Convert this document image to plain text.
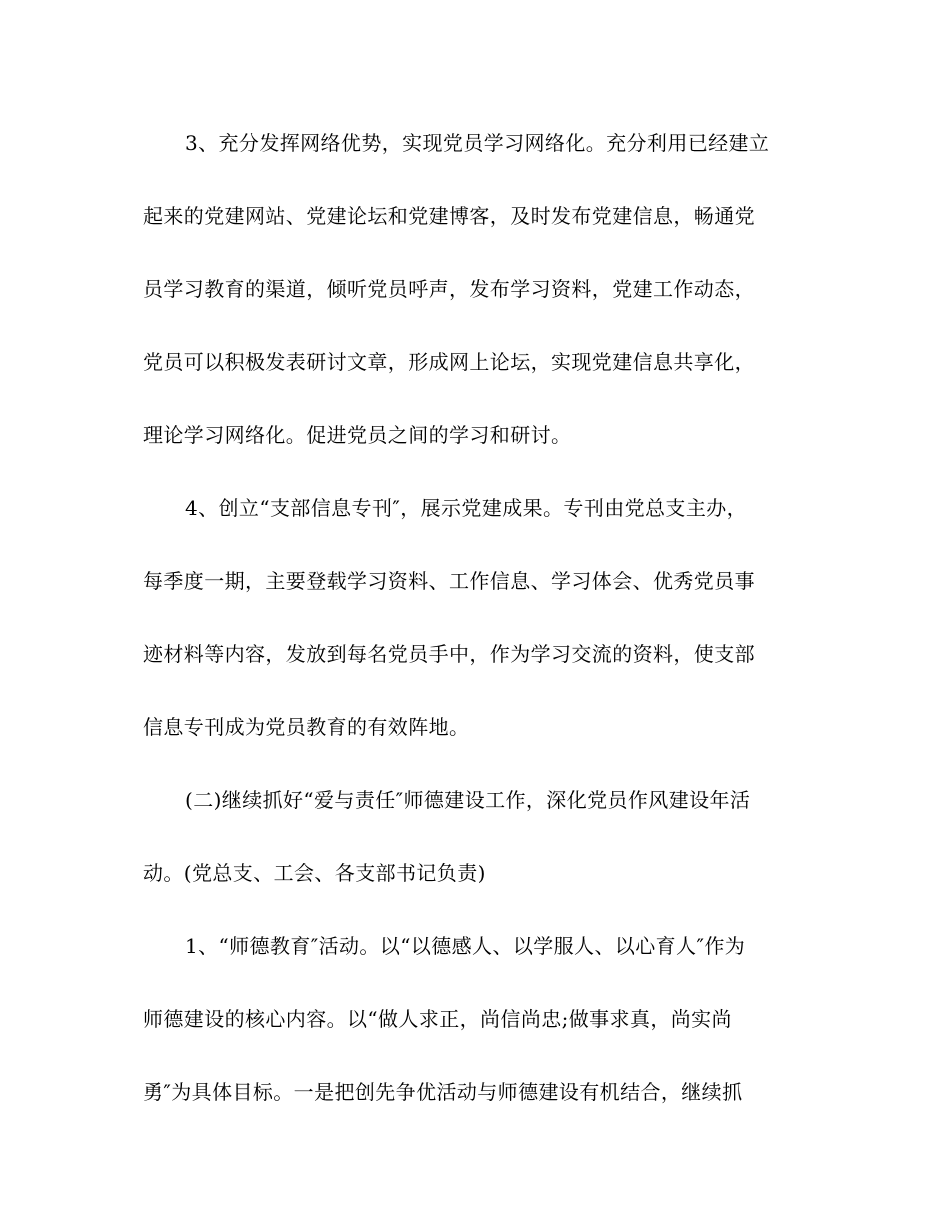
3、充分发挥网络优势，实现党员学习网络化。充分利用已经建立
起来的党建网站、党建论坛和党建博客，及时发布党建信息，畅通党
员学习教育的渠道，倾听党员呼声，发布学习资料，党建工作动态，
党员可以积极发表研讨文章，形成网上论坛，实现党建信息共享化，
理论学习网络化。促进党员之间的学习和研讨。
4、创立“支部信息专刊″，展示党建成果。专刊由党总支主办，
每季度一期，主要登载学习资料、工作信息、学习体会、优秀党员事
迹材料等内容，发放到每名党员手中，作为学习交流的资料，使支部
信息专刊成为党员教育的有效阵地。
(二)继续抓好“爱与责任″师德建设工作，深化党员作风建设年活
动。(党总支、工会、各支部书记负责)
1、“师德教育″活动。以“以德感人、以学服人、以心育人″作为
师德建设的核心内容。以“做人求正，尚信尚忠;做事求真，尚实尚
勇″为具体目标。一是把创先争优活动与师德建设有机结合，继续抓
